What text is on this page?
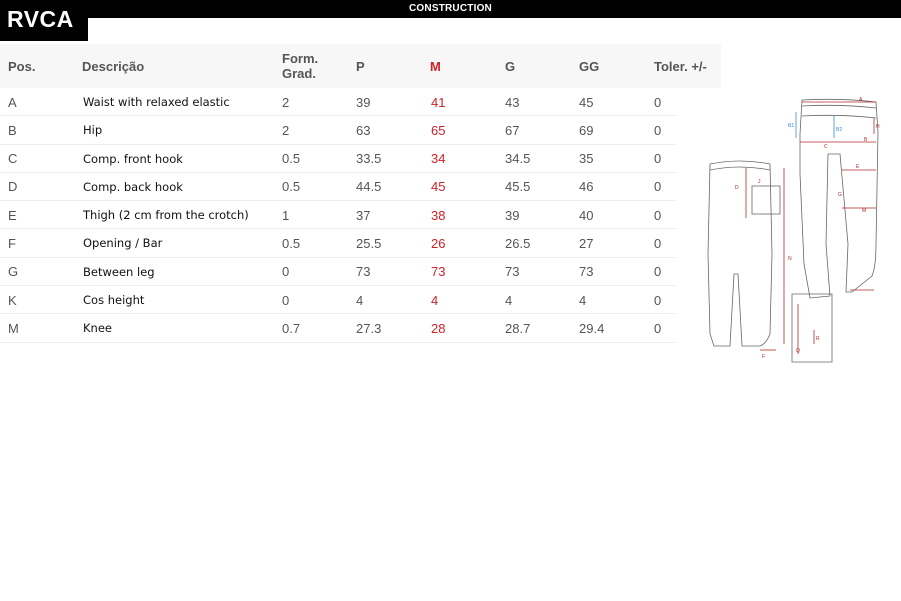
CONSTRUCTION
RVCA
Pos.	Descrição	Form.
Grad.	P	M	G	GG	Toler. +/-
A	Waist with relaxed elastic	2	39	41	43	45	0
B	Hip	2	63	65	67	69	0
C	Comp. front hook	0.5	33.5	34	34.5	35	0
D	Comp. back hook	0.5	44.5	45	45.5	46	0
E	Thigh (2 cm from the crotch)	1	37	38	39	40	0
F	Opening / Bar	0.5	25.5	26	26.5	27	0
G	Between leg	0	73	73	73	73	0
K	Cos height	0	4	4	4	4	0
M	Knee	0.7	27.3	28	28.7	29.4	0
A
B1
B2	H
C
B
E
D
J
N
G
M
F
Q
R
